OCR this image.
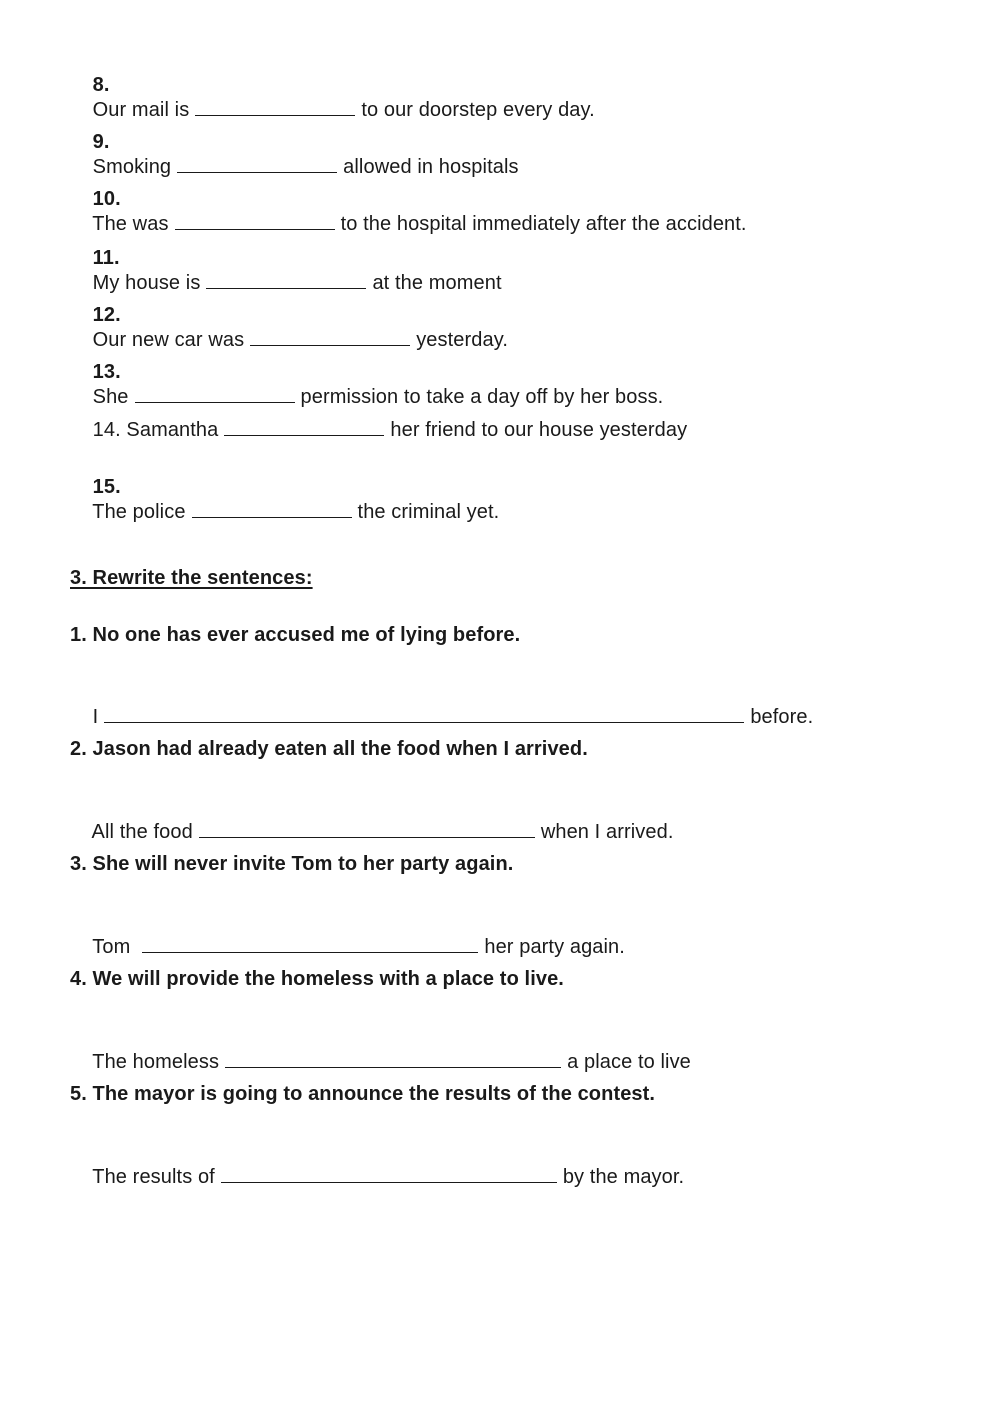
8.
Our mail is	to our doorstep every day.

9.
Smoking	allowed in hospitals

10.
The was	to the hospital immediately after the accident.

11.
My house is	at the moment

12.
Our new car was	yesterday.

13.
She	permission to take a day off by her boss.

14. Samantha	her friend to our house yesterday

15.
The police	the criminal yet.

3. Rewrite the sentences:
1. No one has ever accused me of lying before.

I	before.

2. Jason had already eaten all the food when I arrived.

All the food	when I arrived.

3. She will never invite Tom to her party again.

Tom	her party again.

4. We will provide the homeless with a place to live.

The homeless	a place to live

5. The mayor is going to announce the results of the contest.

The results of	by the mayor.
